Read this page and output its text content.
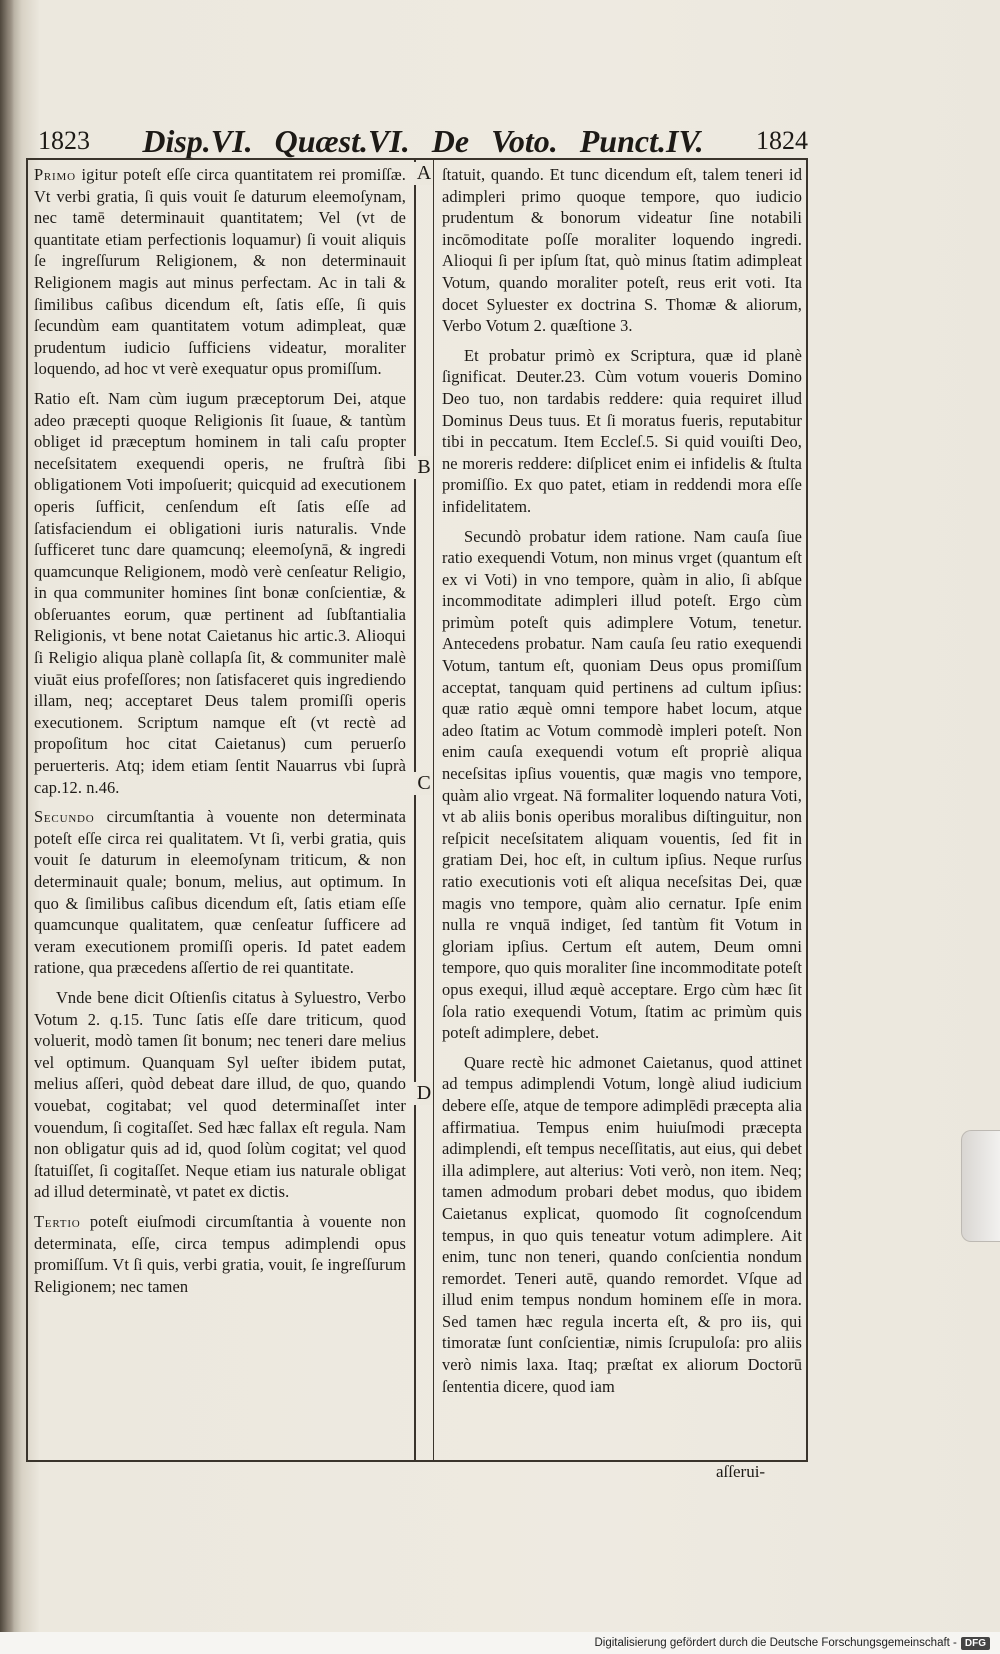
1823 Disp.VI. Quæst.VI. De Voto. Punct.IV. 1824

Primo igitur poteſt eſſe circa quantitatem rei promiſſæ. Vt verbi gratia, ſi quis vouit ſe daturum eleemoſynam, nec tamē determinauit quantitatem; Vel (vt de quantitate etiam perfectionis loquamur) ſi vouit aliquis ſe ingreſſurum Religionem, & non determinauit Religionem magis aut minus perfectam. Ac in tali & ſimilibus caſibus dicendum eſt, ſatis eſſe, ſi quis ſecundùm eam quantitatem votum adimpleat, quæ prudentum iudicio ſufficiens videatur, moraliter loquendo, ad hoc vt verè exequatur opus promiſſum.

Ratio eſt. Nam cùm iugum præceptorum Dei, atque adeo præcepti quoque Religionis ſit ſuaue, & tantùm obliget id præceptum hominem in tali caſu propter neceſsitatem exequendi operis, ne fruſtrà ſibi obligationem Voti impoſuerit; quicquid ad executionem operis ſufficit, cenſendum eſt ſatis eſſe ad ſatisfaciendum ei obligationi iuris naturalis. Vnde ſufficeret tunc dare quamcunq; eleemoſynā, & ingredi quamcunque Religionem, modò verè cenſeatur Religio, in qua communiter homines ſint bonæ conſcientiæ, & obſeruantes eorum, quæ pertinent ad ſubſtantialia Religionis, vt bene notat Caietanus hic artic.3. Alioqui ſi Religio aliqua planè collapſa ſit, & communiter malè viuāt eius profeſſores; non ſatisfaceret quis ingrediendo illam, neq; acceptaret Deus talem promiſſi operis executionem. Scriptum namque eſt (vt rectè ad propoſitum hoc citat Caietanus) cum peruerſo peruerteris. Atq; idem etiam ſentit Nauarrus vbi ſuprà cap.12. n.46.

Secundo circumſtantia à vouente non determinata poteſt eſſe circa rei qualitatem. Vt ſi, verbi gratia, quis vouit ſe daturum in eleemoſynam triticum, & non determinauit quale; bonum, melius, aut optimum. In quo & ſimilibus caſibus dicendum eſt, ſatis etiam eſſe quamcunque qualitatem, quæ cenſeatur ſufficere ad veram executionem promiſſi operis. Id patet eadem ratione, qua præcedens aſſertio de rei quantitate.

Vnde bene dicit Oſtienſis citatus à Syluestro, Verbo Votum 2. q.15. Tunc ſatis eſſe dare triticum, quod voluerit, modò tamen ſit bonum; nec teneri dare melius vel optimum. Quanquam Syl ueſter ibidem putat, melius aſſeri, quòd debeat dare illud, de quo, quando vouebat, cogitabat; vel quod determinaſſet inter vouendum, ſi cogitaſſet. Sed hæc fallax eſt regula. Nam non obligatur quis ad id, quod ſolùm cogitat; vel quod ſtatuiſſet, ſi cogitaſſet. Neque etiam ius naturale obligat ad illud determinatè, vt patet ex dictis.

Tertio poteſt eiuſmodi circumſtantia à vouente non determinata, eſſe, circa tempus adimplendi opus promiſſum. Vt ſi quis, verbi gratia, vouit, ſe ingreſſurum Religionem; nec tamen

A
B
C
D

ſtatuit, quando. Et tunc dicendum eſt, talem teneri id adimpleri primo quoque tempore, quo iudicio prudentum & bonorum videatur ſine notabili incōmoditate poſſe moraliter loquendo ingredi. Alioqui ſi per ipſum ſtat, quò minus ſtatim adimpleat Votum, quando moraliter poteſt, reus erit voti. Ita docet Syluester ex doctrina S. Thomæ & aliorum, Verbo Votum 2. quæſtione 3.

Et probatur primò ex Scriptura, quæ id planè ſignificat. Deuter.23. Cùm votum voueris Domino Deo tuo, non tardabis reddere: quia requiret illud Dominus Deus tuus. Et ſi moratus fueris, reputabitur tibi in peccatum. Item Eccleſ.5. Si quid vouiſti Deo, ne moreris reddere: diſplicet enim ei infidelis & ſtulta promiſſio. Ex quo patet, etiam in reddendi mora eſſe infidelitatem.

Secundò probatur idem ratione. Nam cauſa ſiue ratio exequendi Votum, non minus vrget (quantum eſt ex vi Voti) in vno tempore, quàm in alio, ſi abſque incommoditate adimpleri illud poteſt. Ergo cùm primùm poteſt quis adimplere Votum, tenetur. Antecedens probatur. Nam cauſa ſeu ratio exequendi Votum, tantum eſt, quoniam Deus opus promiſſum acceptat, tanquam quid pertinens ad cultum ipſius: quæ ratio æquè omni tempore habet locum, atque adeo ſtatim ac Votum commodè impleri poteſt. Non enim cauſa exequendi votum eſt propriè aliqua neceſsitas ipſius vouentis, quæ magis vno tempore, quàm alio vrgeat. Nā formaliter loquendo natura Voti, vt ab aliis bonis operibus moralibus diſtinguitur, non reſpicit neceſsitatem aliquam vouentis, ſed fit in gratiam Dei, hoc eſt, in cultum ipſius. Neque rurſus ratio executionis voti eſt aliqua neceſsitas Dei, quæ magis vno tempore, quàm alio cernatur. Ipſe enim nulla re vnquā indiget, ſed tantùm fit Votum in gloriam ipſius. Certum eſt autem, Deum omni tempore, quo quis moraliter ſine incommoditate poteſt opus exequi, illud æquè acceptare. Ergo cùm hæc ſit ſola ratio exequendi Votum, ſtatim ac primùm quis poteſt adimplere, debet.

Quare rectè hic admonet Caietanus, quod attinet ad tempus adimplendi Votum, longè aliud iudicium debere eſſe, atque de tempore adimplēdi præcepta alia affirmatiua. Tempus enim huiuſmodi præcepta adimplendi, eſt tempus neceſſitatis, aut eius, qui debet illa adimplere, aut alterius: Voti verò, non item. Neq; tamen admodum probari debet modus, quo ibidem Caietanus explicat, quomodo ſit cognoſcendum tempus, in quo quis teneatur votum adimplere. Ait enim, tunc non teneri, quando conſcientia nondum remordet. Teneri autē, quando remordet. Vſque ad illud enim tempus nondum hominem eſſe in mora. Sed tamen hæc regula incerta eſt, & pro iis, qui timoratæ ſunt conſcientiæ, nimis ſcrupuloſa: pro aliis verò nimis laxa. Itaq; præſtat ex aliorum Doctorū ſententia dicere, quod iam

aſſerui-
Digitalisierung gefördert durch die Deutsche Forschungsgemeinschaft - DFG
